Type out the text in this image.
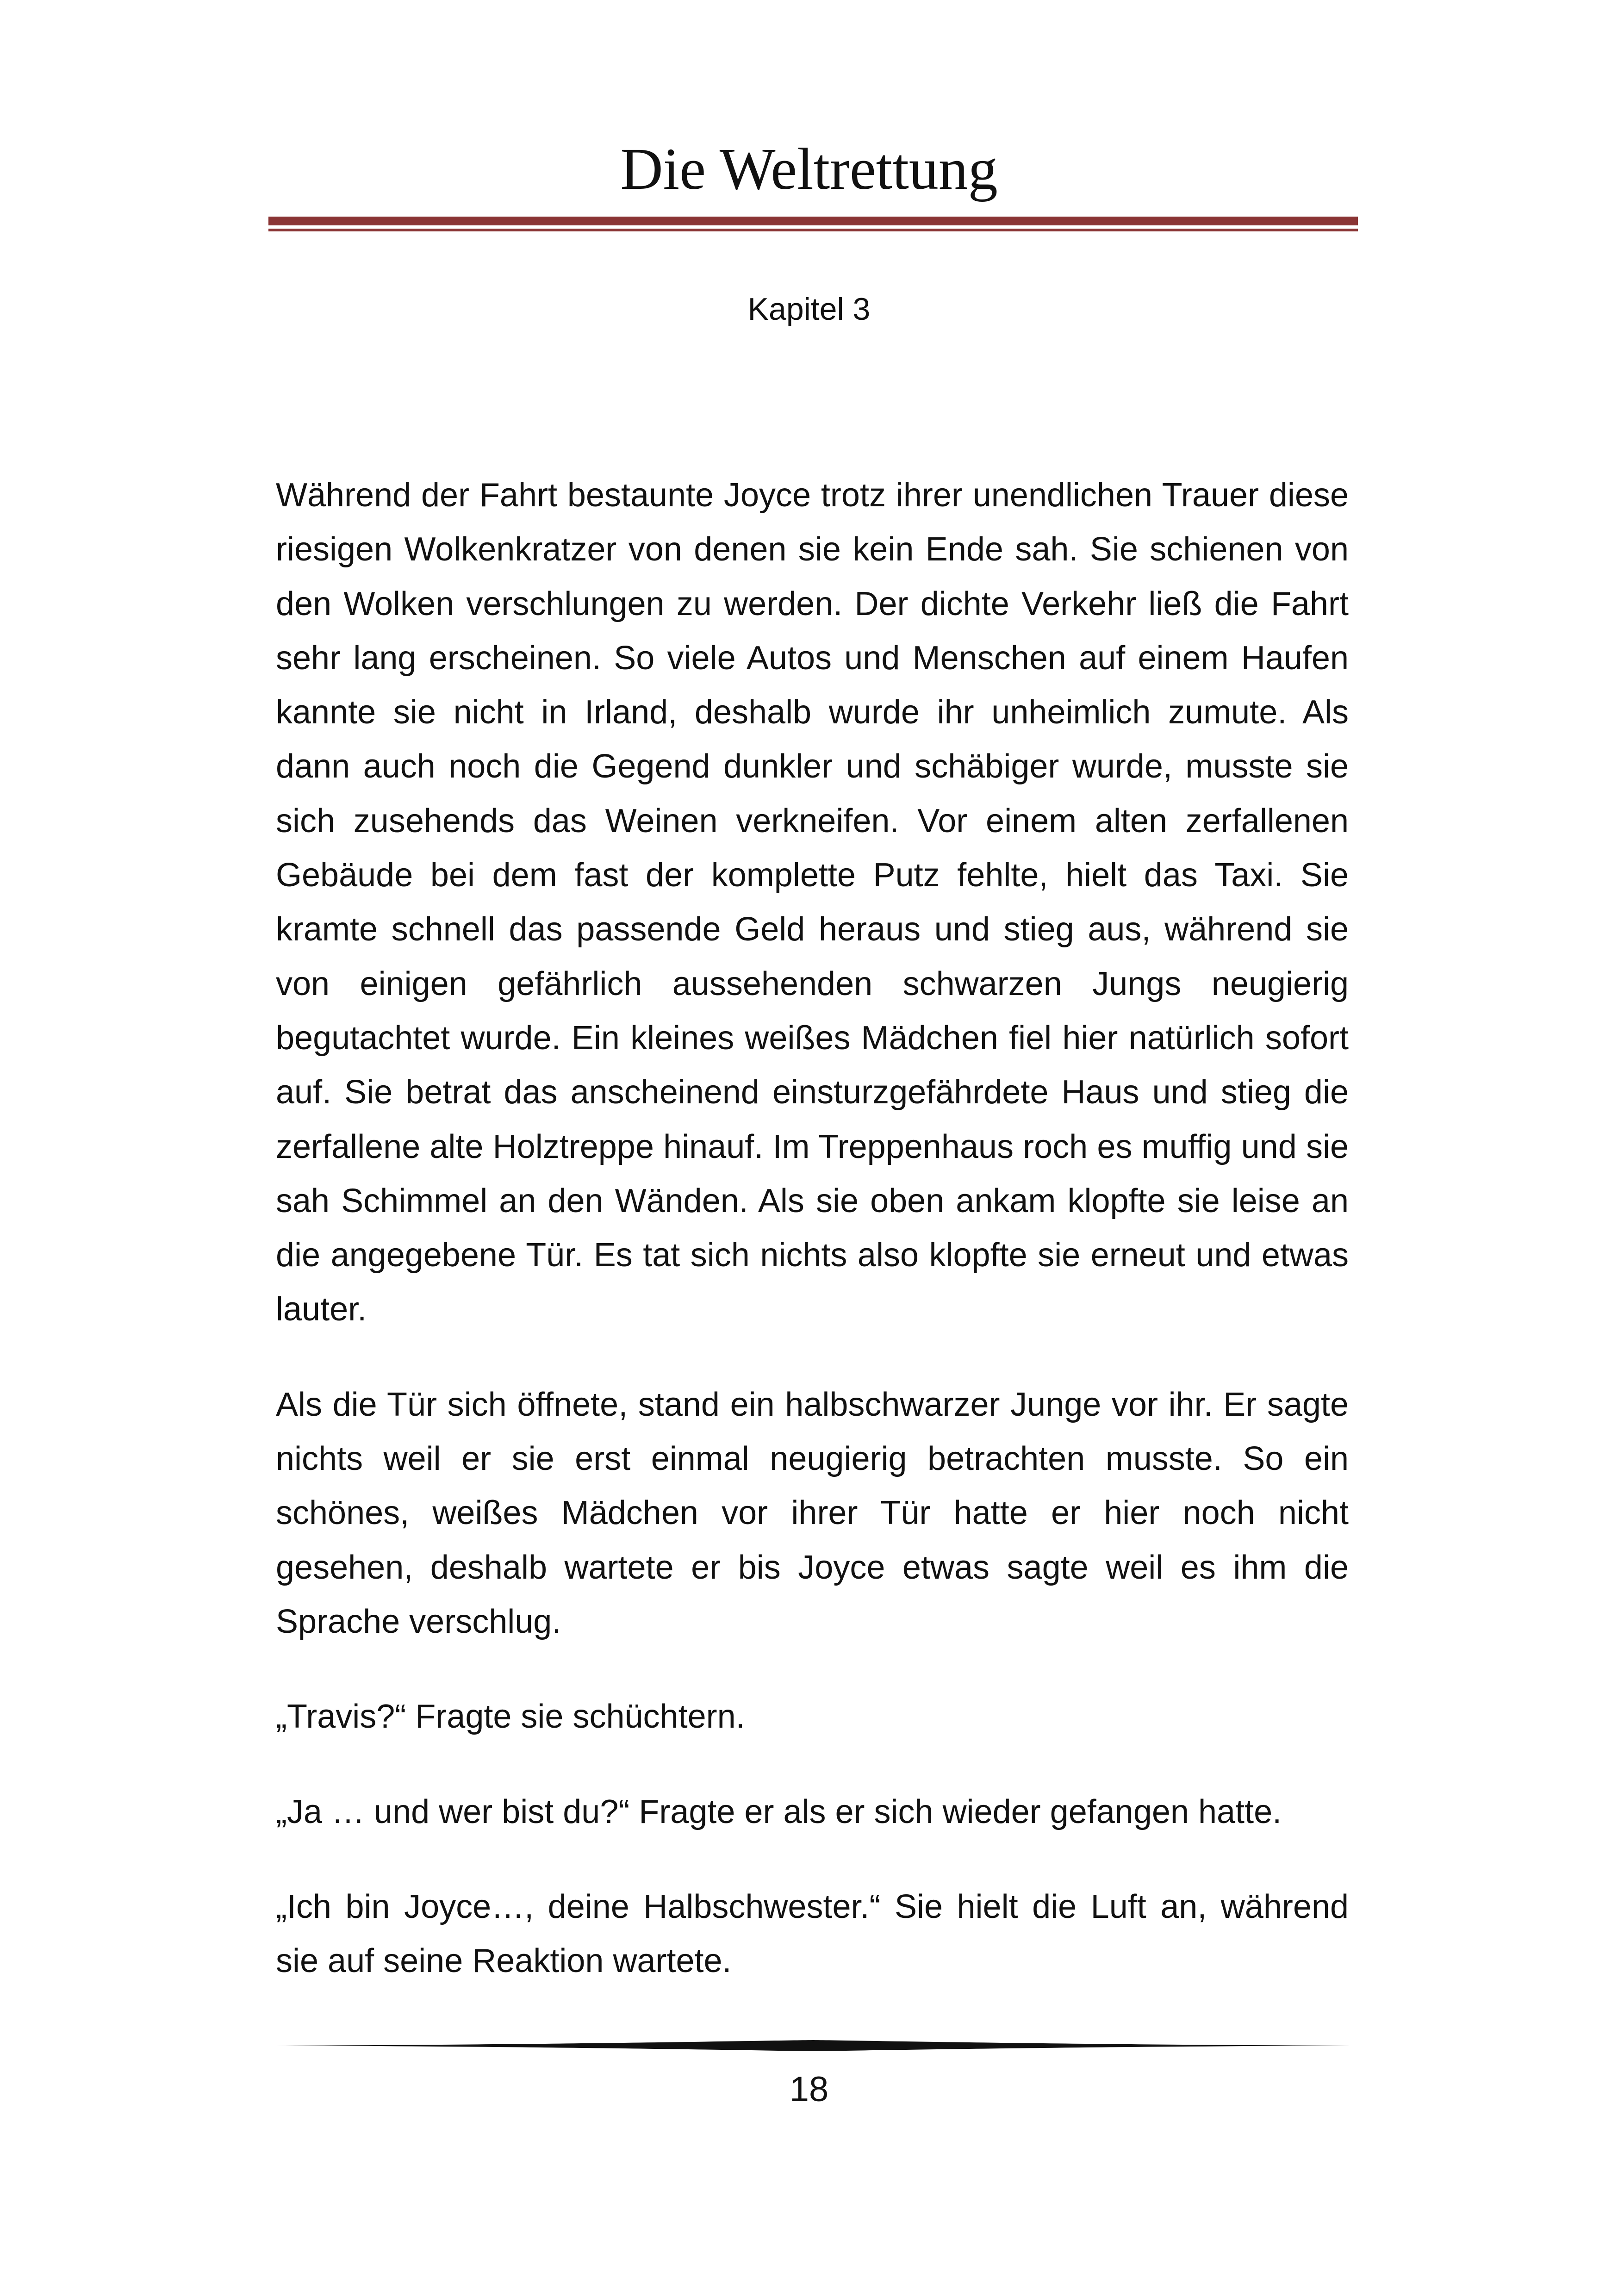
Die Weltrettung
Kapitel 3

Während der Fahrt bestaunte Joyce trotz ihrer unendlichen Trauer diese riesigen Wolkenkratzer von denen sie kein Ende sah. Sie schienen von den Wolken verschlungen zu werden. Der dichte Verkehr ließ die Fahrt sehr lang erscheinen. So viele Autos und Menschen auf einem Haufen kannte sie nicht in Irland, deshalb wurde ihr unheimlich zumute. Als dann auch noch die Gegend dunkler und schäbiger wurde, musste sie sich zusehends das Weinen verkneifen. Vor einem alten zerfallenen Gebäude bei dem fast der komplette Putz fehlte, hielt das Taxi. Sie kramte schnell das passende Geld heraus und stieg aus, während sie von einigen gefährlich aussehenden schwarzen Jungs neugierig begutachtet wurde. Ein kleines weißes Mädchen fiel hier natürlich sofort auf. Sie betrat das anscheinend einsturzgefährdete Haus und stieg die zerfallene alte Holztreppe hinauf. Im Treppenhaus roch es muffig und sie sah Schimmel an den Wänden. Als sie oben ankam klopfte sie leise an die angegebene Tür. Es tat sich nichts also klopfte sie erneut und etwas lauter.

Als die Tür sich öffnete, stand ein halbschwarzer Junge vor ihr. Er sagte nichts weil er sie erst einmal neugierig betrachten musste. So ein schönes, weißes Mädchen vor ihrer Tür hatte er hier noch nicht gesehen, deshalb wartete er bis Joyce etwas sagte weil es ihm die Sprache verschlug.

„Travis?“ Fragte sie schüchtern.

„Ja … und wer bist du?“ Fragte er als er sich wieder gefangen hatte.

„Ich bin Joyce…, deine Halbschwester.“ Sie hielt die Luft an, während sie auf seine Reaktion wartete.

18
